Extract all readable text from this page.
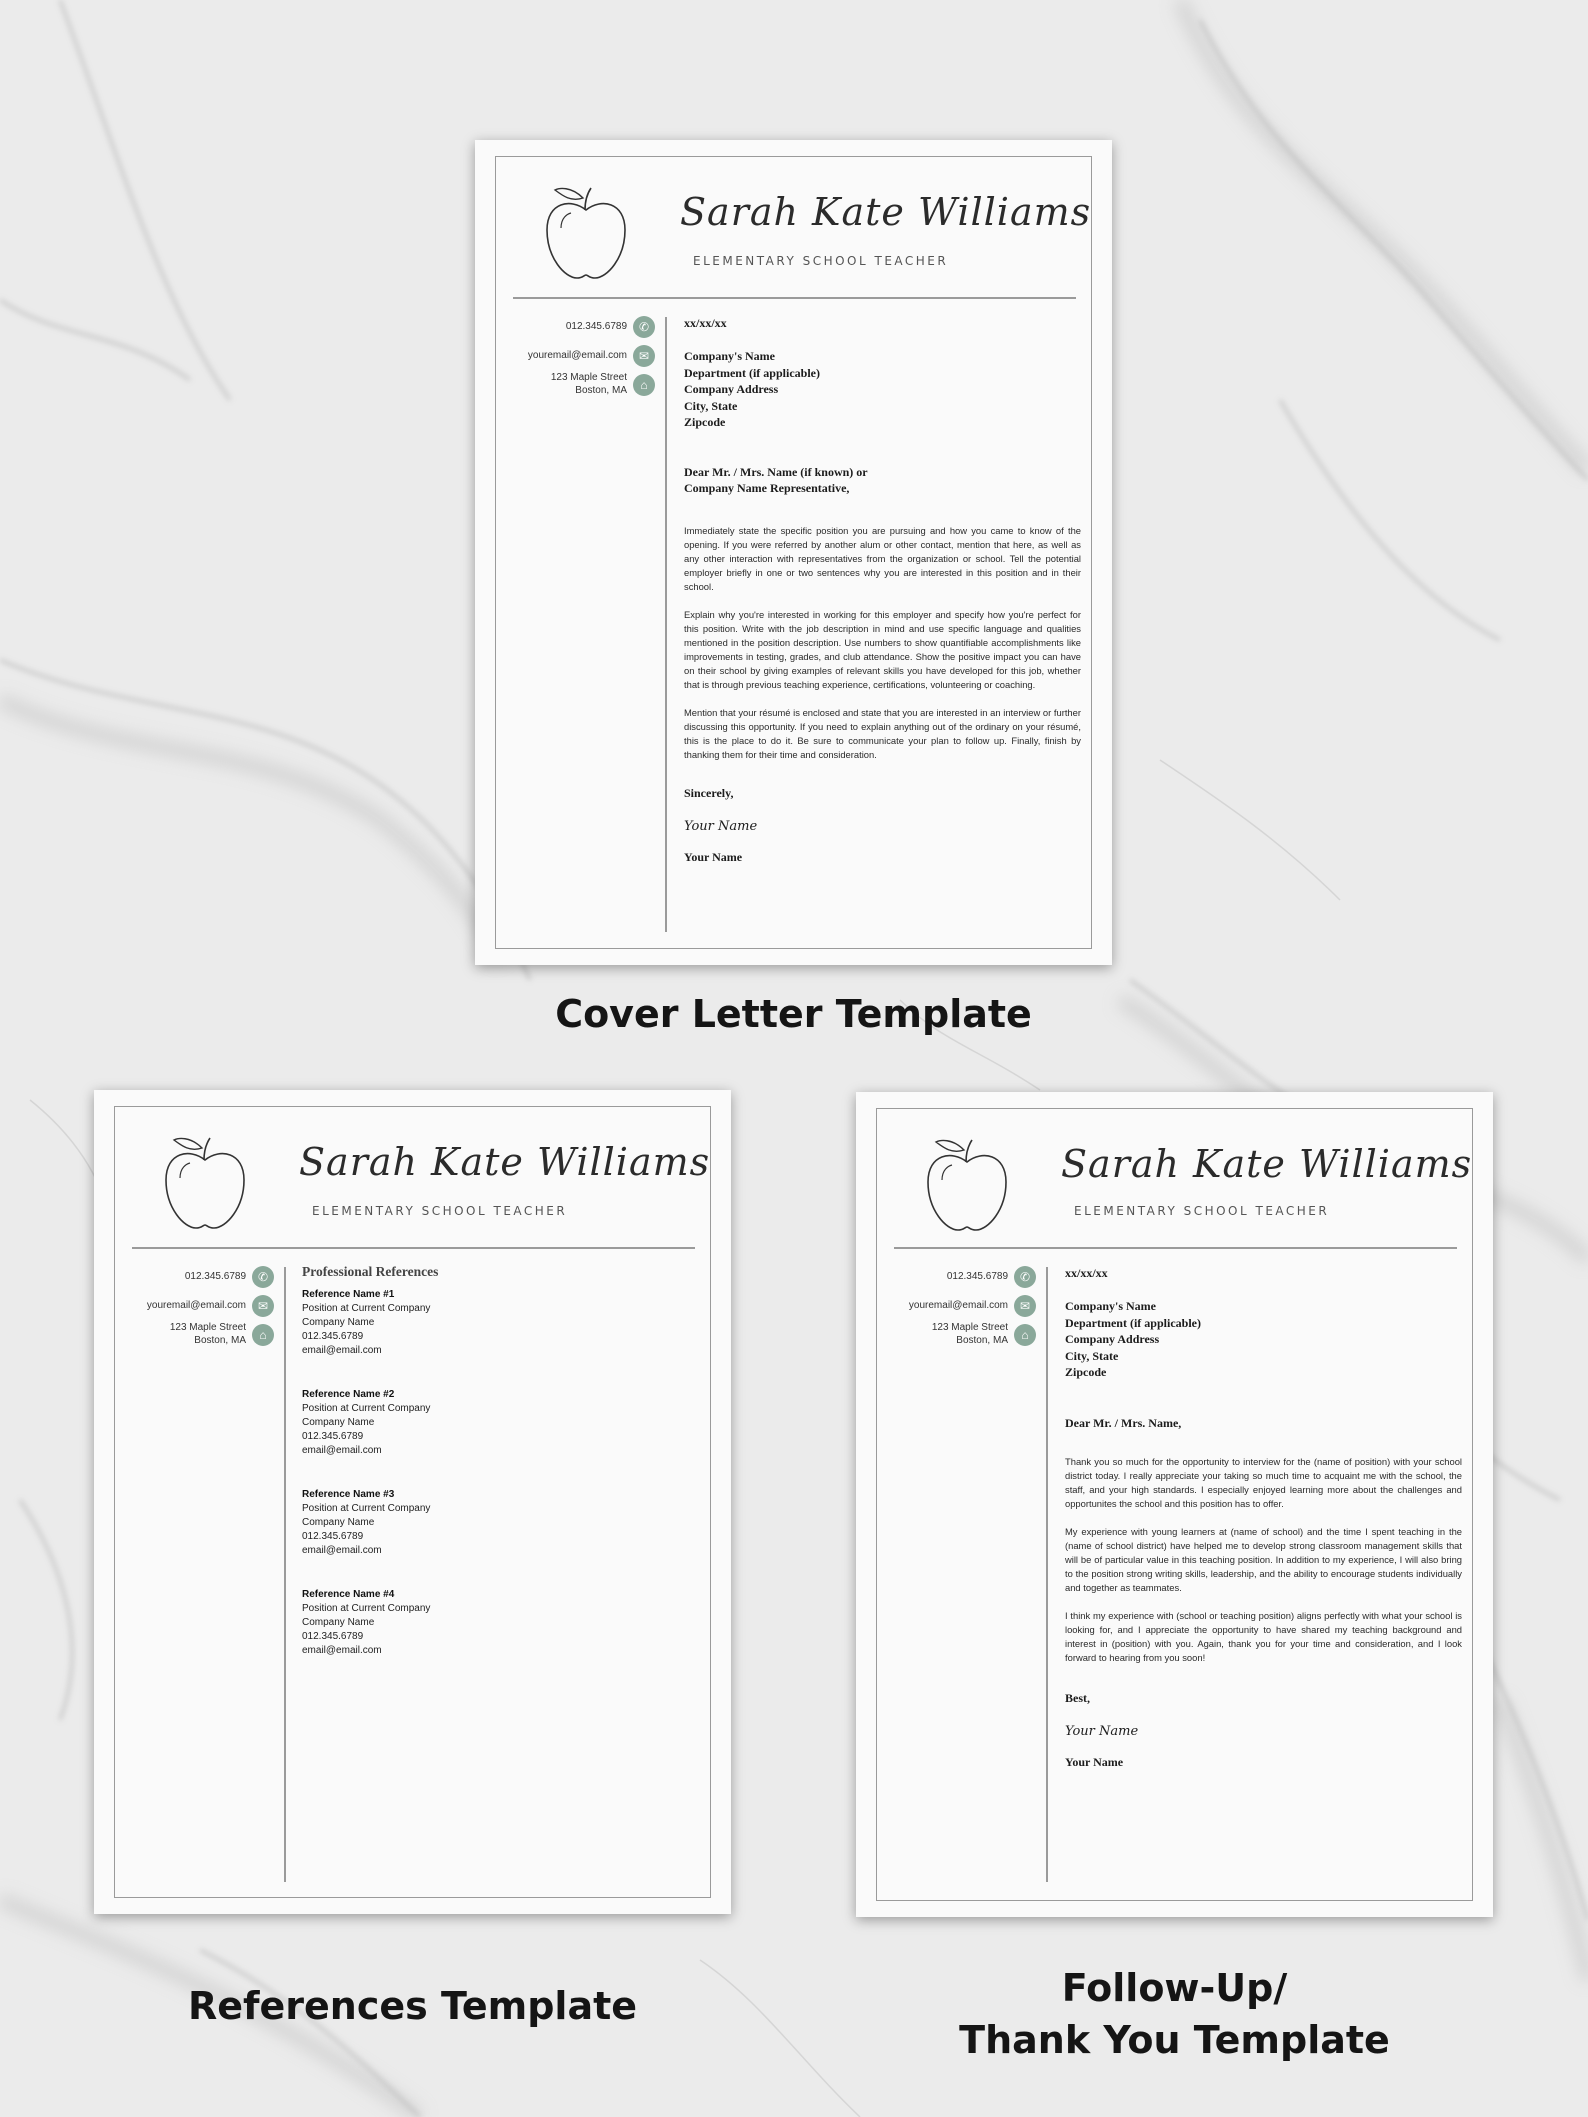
Sarah Kate Williams
ELEMENTARY SCHOOL TEACHER
012.345.6789 ✆
youremail@email.com ✉
123 Maple Street
Boston, MA	⌂

xx/xx/xx

Company's Name

Department (if applicable)

Company Address

City, State

Zipcode

Dear Mr. / Mrs. Name (if known) or

Company Name Representative,

Immediately state the specific position you are pursuing and how you came to know of the opening. If you were referred by another alum or other contact, mention that here, as well as any other interaction with representatives from the organization or school. Tell the potential employer briefly in one or two sentences why you are interested in this position and in their school.

Explain why you're interested in working for this employer and specify how you're perfect for this position. Write with the job description in mind and use specific language and qualities mentioned in the position description. Use numbers to show quantifiable accomplishments like improvements in testing, grades, and club attendance. Show the positive impact you can have on their school by giving examples of relevant skills you have developed for this job, whether that is through previous teaching experience, certifications, volunteering or coaching.

Mention that your résumé is enclosed and state that you are interested in an interview or further discussing this opportunity. If you need to explain anything out of the ordinary on your résumé, this is the place to do it. Be sure to communicate your plan to follow up. Finally, finish by thanking them for their time and consideration.

Sincerely,

Your Name

Your Name

Cover Letter Template
Sarah Kate Williams
ELEMENTARY SCHOOL TEACHER
012.345.6789 ✆
youremail@email.com ✉
123 Maple Street
Boston, MA	⌂

Professional References

Reference Name #1

Position at Current Company

Company Name

012.345.6789

email@email.com

Reference Name #2

Position at Current Company

Company Name

012.345.6789

email@email.com

Reference Name #3

Position at Current Company

Company Name

012.345.6789

email@email.com

Reference Name #4

Position at Current Company

Company Name

012.345.6789

email@email.com

References Template
Sarah Kate Williams
ELEMENTARY SCHOOL TEACHER
012.345.6789 ✆
youremail@email.com ✉
123 Maple Street
Boston, MA	⌂

xx/xx/xx

Company's Name

Department (if applicable)

Company Address

City, State

Zipcode

Dear Mr. / Mrs. Name,

Thank you so much for the opportunity to interview for the (name of position) with your school district today. I really appreciate your taking so much time to acquaint me with the school, the staff, and your high standards. I especially enjoyed learning more about the challenges and opportunites the school and this position has to offer.

My experience with young learners at (name of school) and the time I spent teaching in the (name of school district) have helped me to develop strong classroom management skills that will be of particular value in this teaching position. In addition to my experience, I will also bring to the position strong writing skills, leadership, and the ability to encourage students individually and together as teammates.

I think my experience with (school or teaching position) aligns perfectly with what your school is looking for, and I appreciate the opportunity to have shared my teaching background and interest in (position) with you. Again, thank you for your time and consideration, and I look forward to hearing from you soon!

Best,

Your Name

Your Name

Follow-Up/
Thank You Template
